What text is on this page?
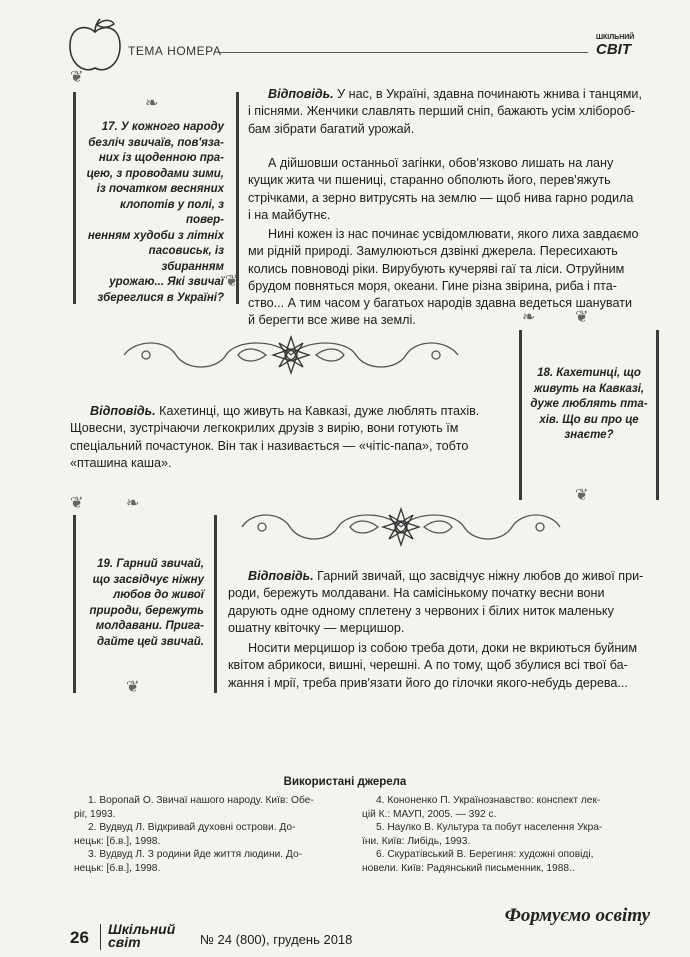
ТЕМА НОМЕРА
ШКІЛЬНИЙ
СВІТ
17. У кожного народу
безліч звичаїв, пов'яза-
них із щоденною пра-
цею, з проводами зими,
із початком весняних
клопотів у полі, з повер-
ненням худоби з літніх
пасовиськ, із збиранням
урожаю... Які звичаї
збереглися в Україні?
❦
❧
❦
Відповідь. У нас, в Україні, здавна починають жнива і танцями,
і піснями. Женчики славлять перший сніп, бажають усім хлібороб-
бам зібрати багатий урожай.
А дійшовши останньої загінки, обов'язково лишать на лану
кущик жита чи пшениці, старанно обполють його, перев'яжуть
стрічками, а зерно витрусять на землю — щоб нива гарно родила
і на майбутнє.
Нині кожен із нас починає усвідомлювати, якого лиха завдаємо
ми рідній природі. Замулюються дзвінкі джерела. Пересихають
колись повноводі ріки. Вирубують кучеряві гаї та ліси. Отруйним
брудом повняться моря, океани. Гине різна звірина, риба і пта-
ство... А тим часом у багатьох народів здавна ведеться шанувати
й берегти все живе на землі.
18. Кахетинці, що
живуть на Кавказі,
дуже люблять пта-
хів. Що ви про це
знаєте?
❧ ❦
❦
Відповідь. Кахетинці, що живуть на Кавказі, дуже люблять птахів.
Щовесни, зустрічаючи легкокрилих друзів з вирію, вони готують їм
спеціальний почастунок. Він так і називається — «чітіс-папа», тобто
«пташина каша».
19. Гарний звичай,
що засвідчує ніжну
любов до живої
природи, бережуть
молдавани. Прига-
дайте цей звичай.
❦	❧
❦
Відповідь. Гарний звичай, що засвідчує ніжну любов до живої при-
роди, бережуть молдавани. На самісінькому початку весни вони
дарують одне одному сплетену з червоних і білих ниток маленьку
ошатну квіточку — мерцишор.
Носити мерцишор із собою треба доти, доки не вкриються буйним
квітом абрикоси, вишні, черешні. А по тому, щоб збулися всі твої ба-
жання і мрії, треба прив'язати його до гілочки якого-небудь дерева...
Використані джерела

1. Воропай О. Звичаї нашого народу. Київ: Обе-

ріг, 1993.

2. Вудвуд Л. Відкривай духовні острови. До-

нецьк: [б.в.], 1998.

3. Вудвуд Л. З родини йде життя людини. До-

нецьк: [б.в.], 1998.

4. Кононенко П. Українознавство: конспект лек-

цій К.: МАУП, 2005. — 392 с.

5. Наулко В. Культура та побут населення Укра-

їни. Київ: Либідь, 1993.

6. Скуратівський В. Берегиня: художні оповіді,

новели. Київ: Радянський письменник, 1988..

Формуємо освіту
26 Шкільний
світ	№ 24 (800), грудень 2018
